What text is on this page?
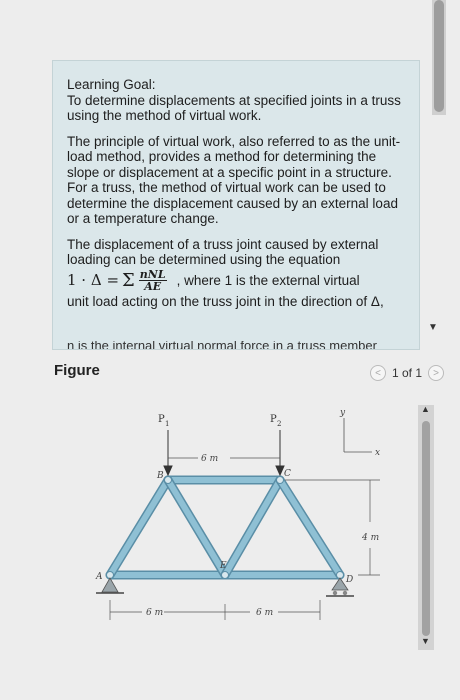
▼

Learning Goal:
To determine displacements at specified joints in a truss using the method of virtual work.

The principle of virtual work, also referred to as the unit-load method, provides a method for determining the slope or displacement at a specific point in a structure. For a truss, the method of virtual work can be used to determine the displacement caused by an external load or a temperature change.

The displacement of a truss joint caused by external loading can be determined using the equation

1 · Δ = Σ $\frac{\text{nNL}}{AE}$ , where 1 is the external virtual

unit load acting on the truss joint in the direction of Δ,

n is the internal virtual normal force in a truss member
Figure	< 1 of 1	>
P 1	P 2
6 m
A
B	C
D
E
6 m	6 m
4 m
y
x
▲
▼
